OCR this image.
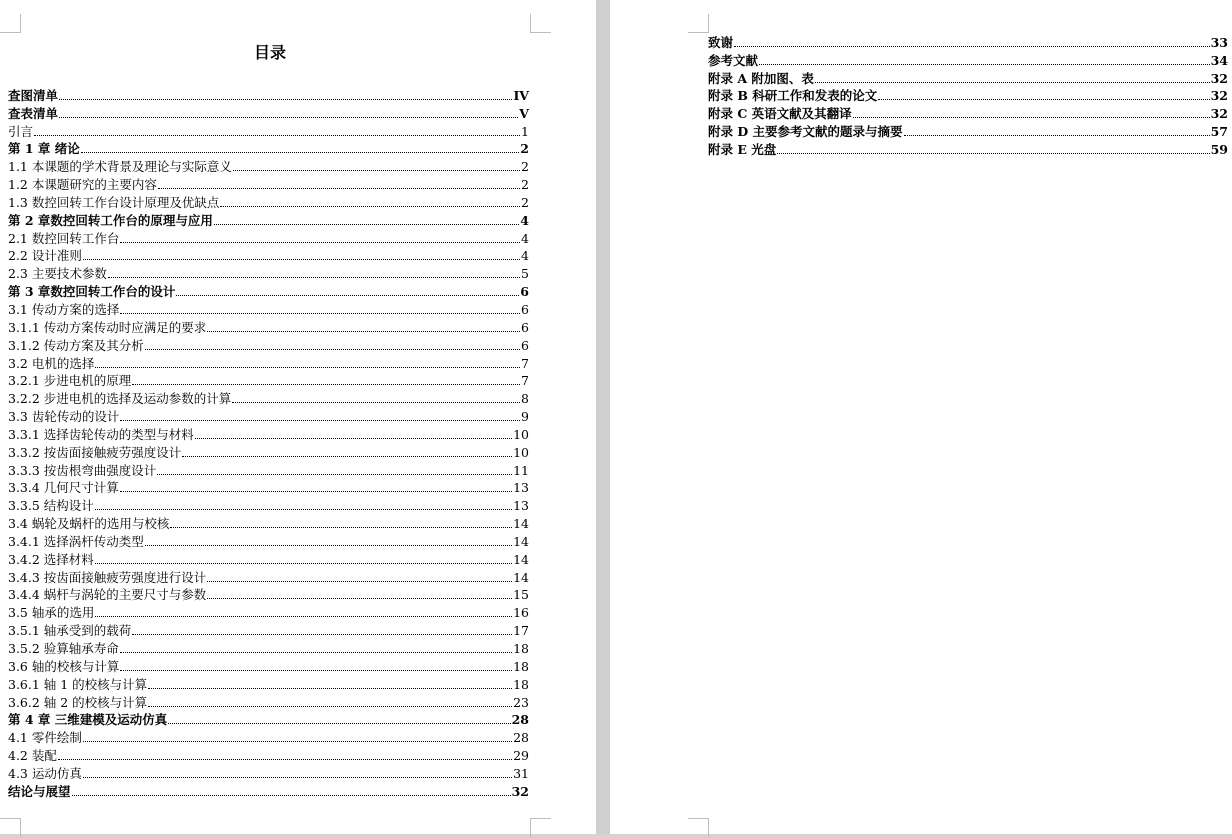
目录
查图清单	IV
查表清单	V
引言	1
第 1 章 绪论	2
1.1 本课题的学术背景及理论与实际意义	2
1.2 本课题研究的主要内容	2
1.3 数控回转工作台设计原理及优缺点	2
第 2 章数控回转工作台的原理与应用	4
2.1 数控回转工作台	4
2.2 设计准则	4
2.3 主要技术参数	5
第 3 章数控回转工作台的设计	6
3.1 传动方案的选择	6
3.1.1 传动方案传动时应满足的要求	6
3.1.2 传动方案及其分析	6
3.2 电机的选择	7
3.2.1 步进电机的原理	7
3.2.2 步进电机的选择及运动参数的计算	8
3.3 齿轮传动的设计	9
3.3.1 选择齿轮传动的类型与材料	10
3.3.2 按齿面接触疲劳强度设计	10
3.3.3 按齿根弯曲强度设计	11
3.3.4 几何尺寸计算	13
3.3.5 结构设计	13
3.4 蜗轮及蜗杆的选用与校核	14
3.4.1 选择涡杆传动类型	14
3.4.2 选择材料	14
3.4.3 按齿面接触疲劳强度进行设计	14
3.4.4 蜗杆与涡轮的主要尺寸与参数	15
3.5 轴承的选用	16
3.5.1 轴承受到的载荷	17
3.5.2 验算轴承寿命	18
3.6 轴的校核与计算	18
3.6.1 轴 1 的校核与计算	18
3.6.2 轴 2 的校核与计算	23
第 4 章 三维建模及运动仿真	28
4.1 零件绘制	28
4.2 装配	29
4.3 运动仿真	31
结论与展望	32
致谢	33
参考文献	34
附录 A 附加图、表	32
附录 B 科研工作和发表的论文	32
附录 C 英语文献及其翻译	32
附录 D 主要参考文献的题录与摘要	57
附录 E 光盘	59
